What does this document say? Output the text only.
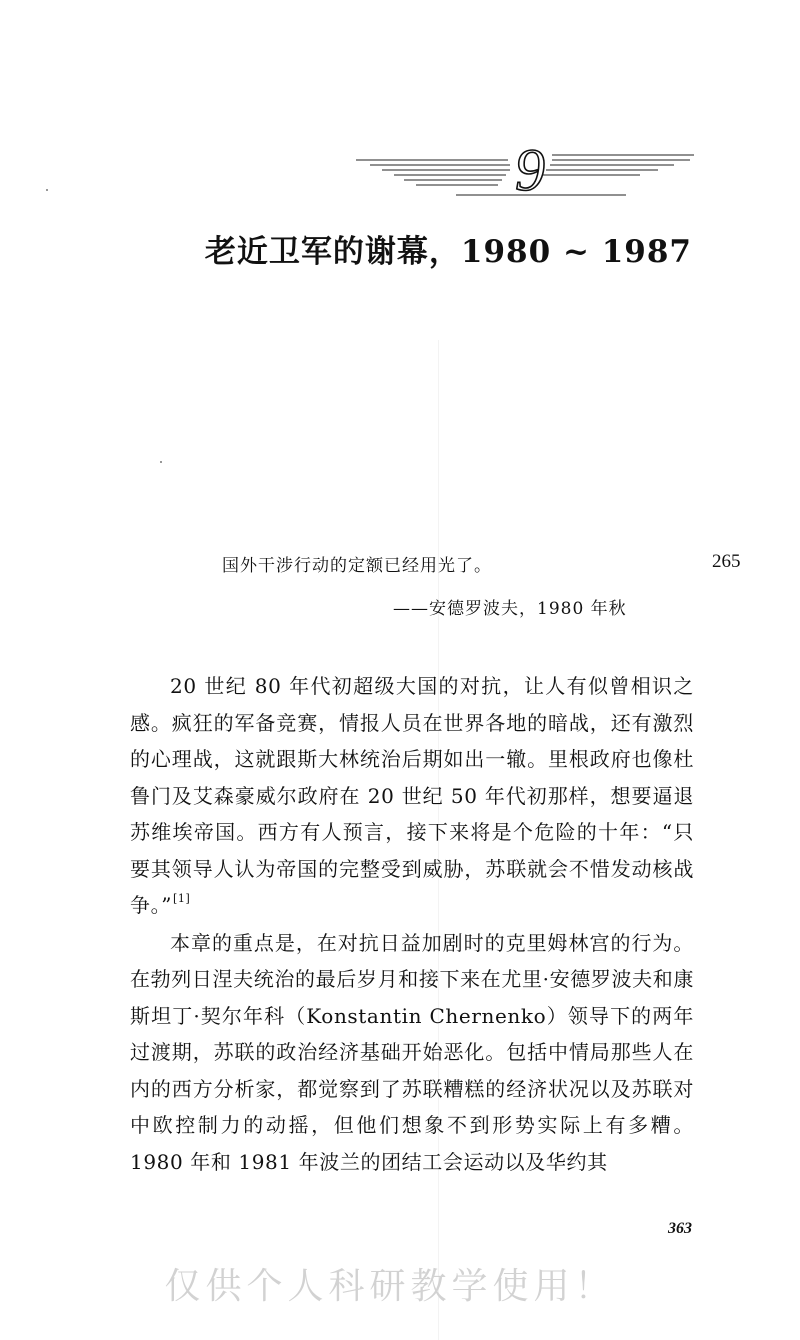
9
老近卫军的谢幕，1980 ~ 1987
国外干涉行动的定额已经用光了。
——安德罗波夫，1980 年秋
265

20 世纪 80 年代初超级大国的对抗，让人有似曾相识之感。疯狂的军备竞赛，情报人员在世界各地的暗战，还有激烈的心理战，这就跟斯大林统治后期如出一辙。里根政府也像杜鲁门及艾森豪威尔政府在 20 世纪 50 年代初那样，想要逼退苏维埃帝国。西方有人预言，接下来将是个危险的十年：“只要其领导人认为帝国的完整受到威胁，苏联就会不惜发动核战争。”[1]

本章的重点是，在对抗日益加剧时的克里姆林宫的行为。在勃列日涅夫统治的最后岁月和接下来在尤里·安德罗波夫和康斯坦丁·契尔年科（Konstantin Chernenko）领导下的两年过渡期，苏联的政治经济基础开始恶化。包括中情局那些人在内的西方分析家，都觉察到了苏联糟糕的经济状况以及苏联对中欧控制力的动摇，但他们想象不到形势实际上有多糟。1980 年和 1981 年波兰的团结工会运动以及华约其

363
仅供个人科研教学使用！
